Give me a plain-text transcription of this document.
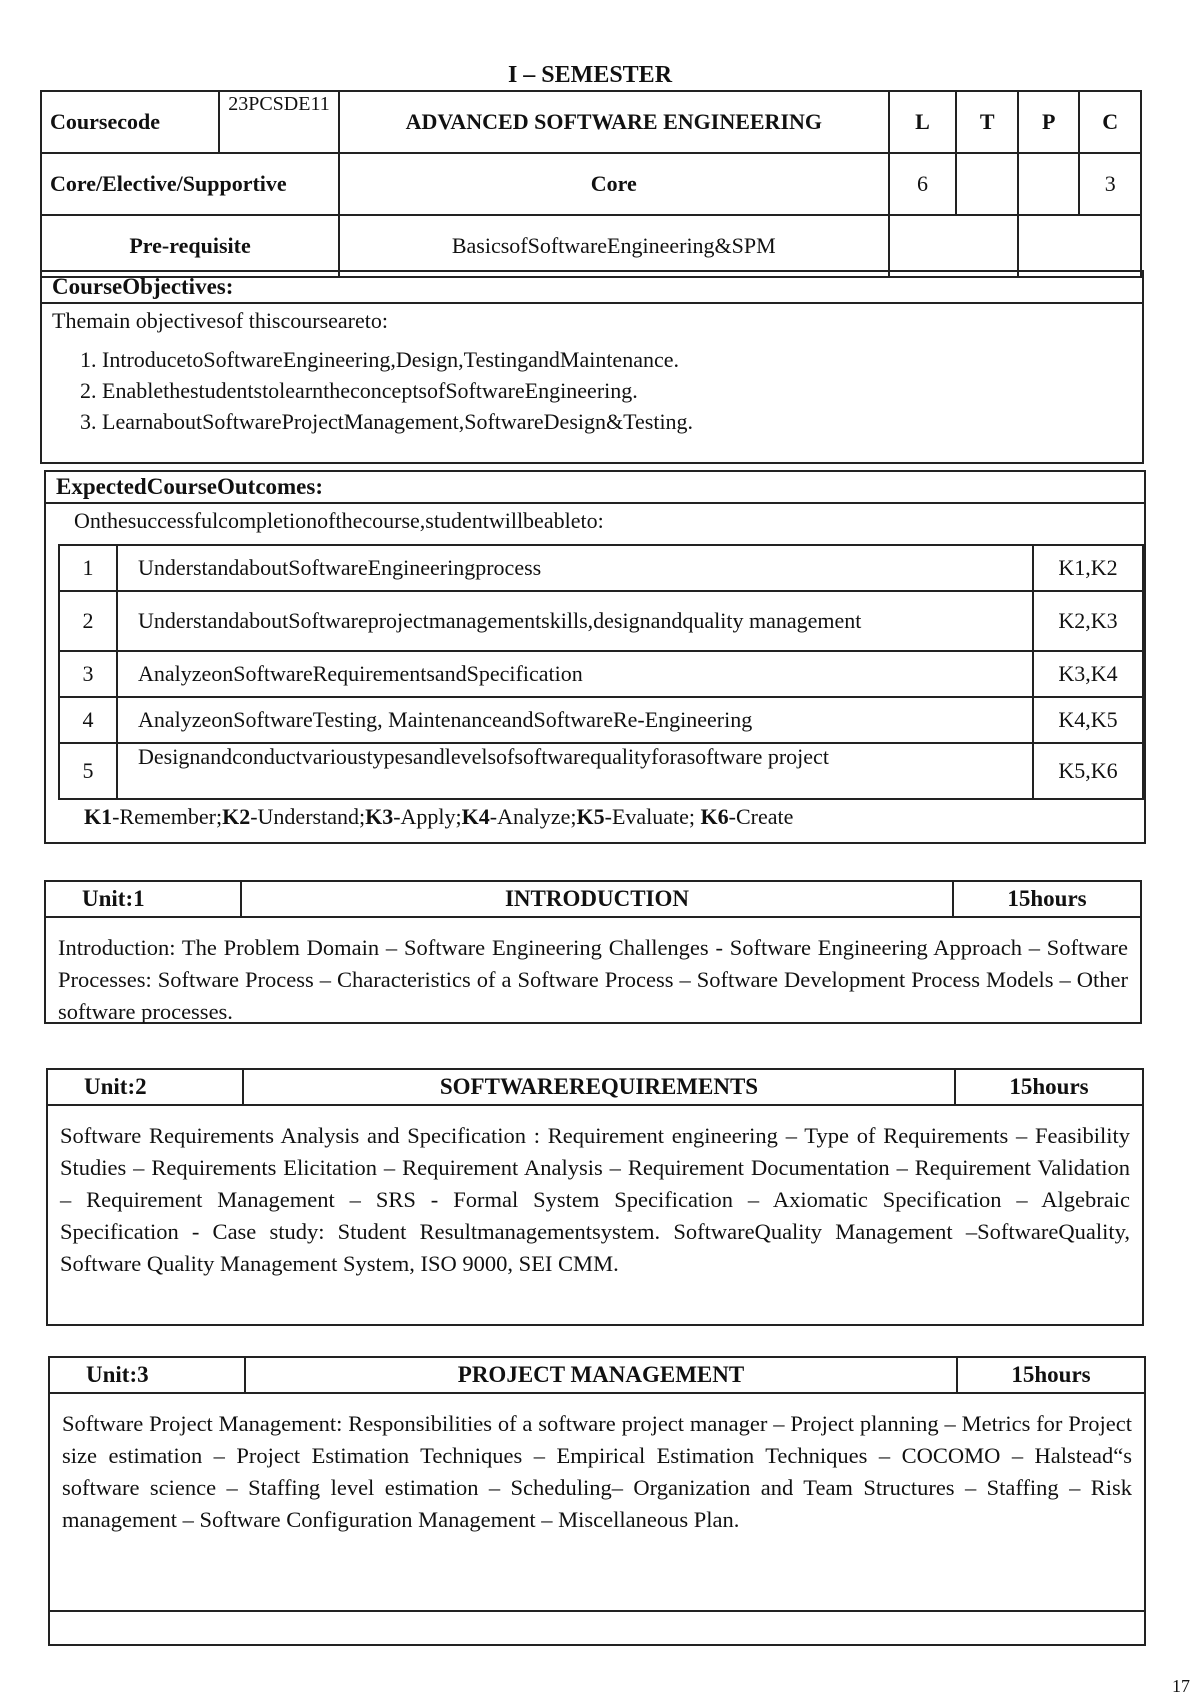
I – SEMESTER
Coursecode	23PCSDE11	ADVANCED SOFTWARE ENGINEERING	L	T	P	C
Core/Elective/Supportive		Core	6			3
Pre-requisite		BasicsofSoftwareEngineering&SPM				
CourseObjectives:
Themain objectivesof thiscourseareto:
1. IntroducetoSoftwareEngineering,Design,TestingandMaintenance.
2. EnablethestudentstolearntheconceptsofSoftwareEngineering.
3. LearnaboutSoftwareProjectManagement,SoftwareDesign&Testing.
ExpectedCourseOutcomes:
Onthesuccessfulcompletionofthecourse,studentwillbeableto:
1	UnderstandaboutSoftwareEngineeringprocess	K1,K2
2	UnderstandaboutSoftwareprojectmanagementskills,designandquality management	K2,K3
3	AnalyzeonSoftwareRequirementsandSpecification	K3,K4
4	AnalyzeonSoftwareTesting, MaintenanceandSoftwareRe-Engineering	K4,K5
5	Designandconductvarioustypesandlevelsofsoftwarequalityforasoftware project	K5,K6
K1-Remember;K2-Understand;K3-Apply;K4-Analyze;K5-Evaluate; K6-Create
Unit:1	INTRODUCTION	15hours
Introduction: The Problem Domain – Software Engineering Challenges - Software Engineering Approach – Software Processes: Software Process – Characteristics of a Software Process – Software Development Process Models – Other software processes.
Unit:2	SOFTWAREREQUIREMENTS	15hours
Software Requirements Analysis and Specification : Requirement engineering – Type of Requirements – Feasibility Studies – Requirements Elicitation – Requirement Analysis – Requirement Documentation – Requirement Validation – Requirement Management – SRS - Formal System Specification – Axiomatic Specification – Algebraic Specification - Case study: Student Resultmanagementsystem. SoftwareQuality Management –SoftwareQuality, Software Quality Management System, ISO 9000, SEI CMM.
Unit:3	PROJECT MANAGEMENT	15hours
Software Project Management: Responsibilities of a software project manager – Project planning – Metrics for Project size estimation – Project Estimation Techniques – Empirical Estimation Techniques – COCOMO – Halstead“s software science – Staffing level estimation – Scheduling– Organization and Team Structures – Staffing – Risk management – Software Configuration Management – Miscellaneous Plan.
17
